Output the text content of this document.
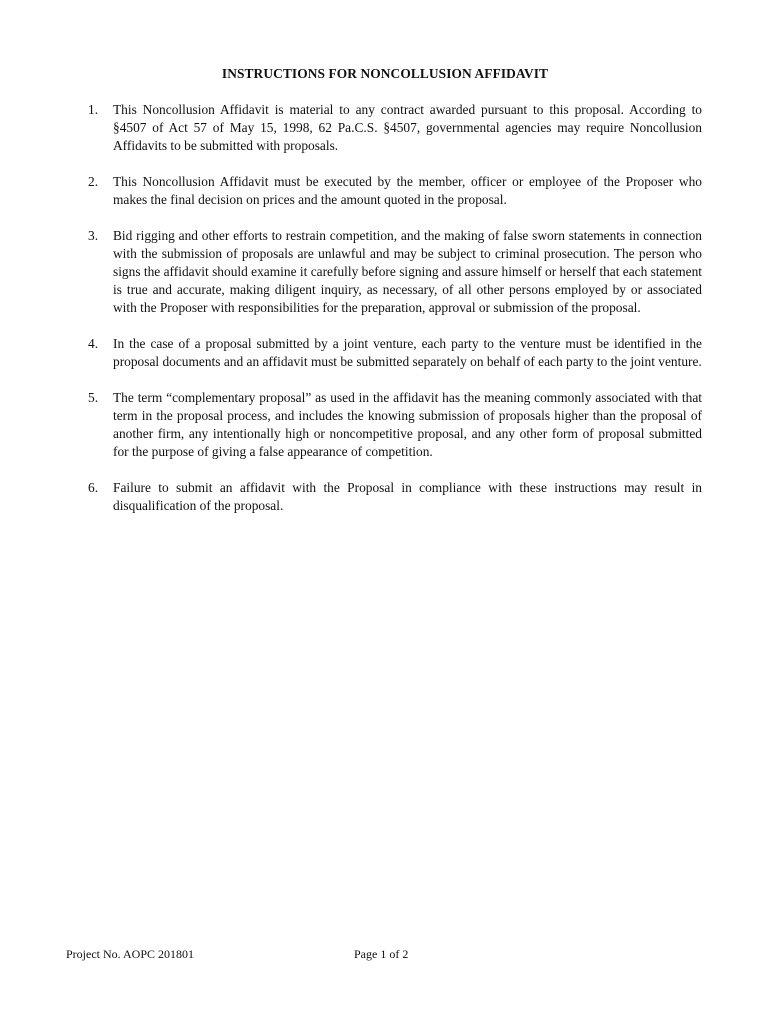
INSTRUCTIONS FOR NONCOLLUSION AFFIDAVIT
1. This Noncollusion Affidavit is material to any contract awarded pursuant to this proposal. According to §4507 of Act 57 of May 15, 1998, 62 Pa.C.S. §4507, governmental agencies may require Noncollusion Affidavits to be submitted with proposals.
2. This Noncollusion Affidavit must be executed by the member, officer or employee of the Proposer who makes the final decision on prices and the amount quoted in the proposal.
3. Bid rigging and other efforts to restrain competition, and the making of false sworn statements in connection with the submission of proposals are unlawful and may be subject to criminal prosecution. The person who signs the affidavit should examine it carefully before signing and assure himself or herself that each statement is true and accurate, making diligent inquiry, as necessary, of all other persons employed by or associated with the Proposer with responsibilities for the preparation, approval or submission of the proposal.
4. In the case of a proposal submitted by a joint venture, each party to the venture must be identified in the proposal documents and an affidavit must be submitted separately on behalf of each party to the joint venture.
5. The term “complementary proposal” as used in the affidavit has the meaning commonly associated with that term in the proposal process, and includes the knowing submission of proposals higher than the proposal of another firm, any intentionally high or noncompetitive proposal, and any other form of proposal submitted for the purpose of giving a false appearance of competition.
6. Failure to submit an affidavit with the Proposal in compliance with these instructions may result in disqualification of the proposal.
Project No. AOPC 201801	Page 1 of 2
